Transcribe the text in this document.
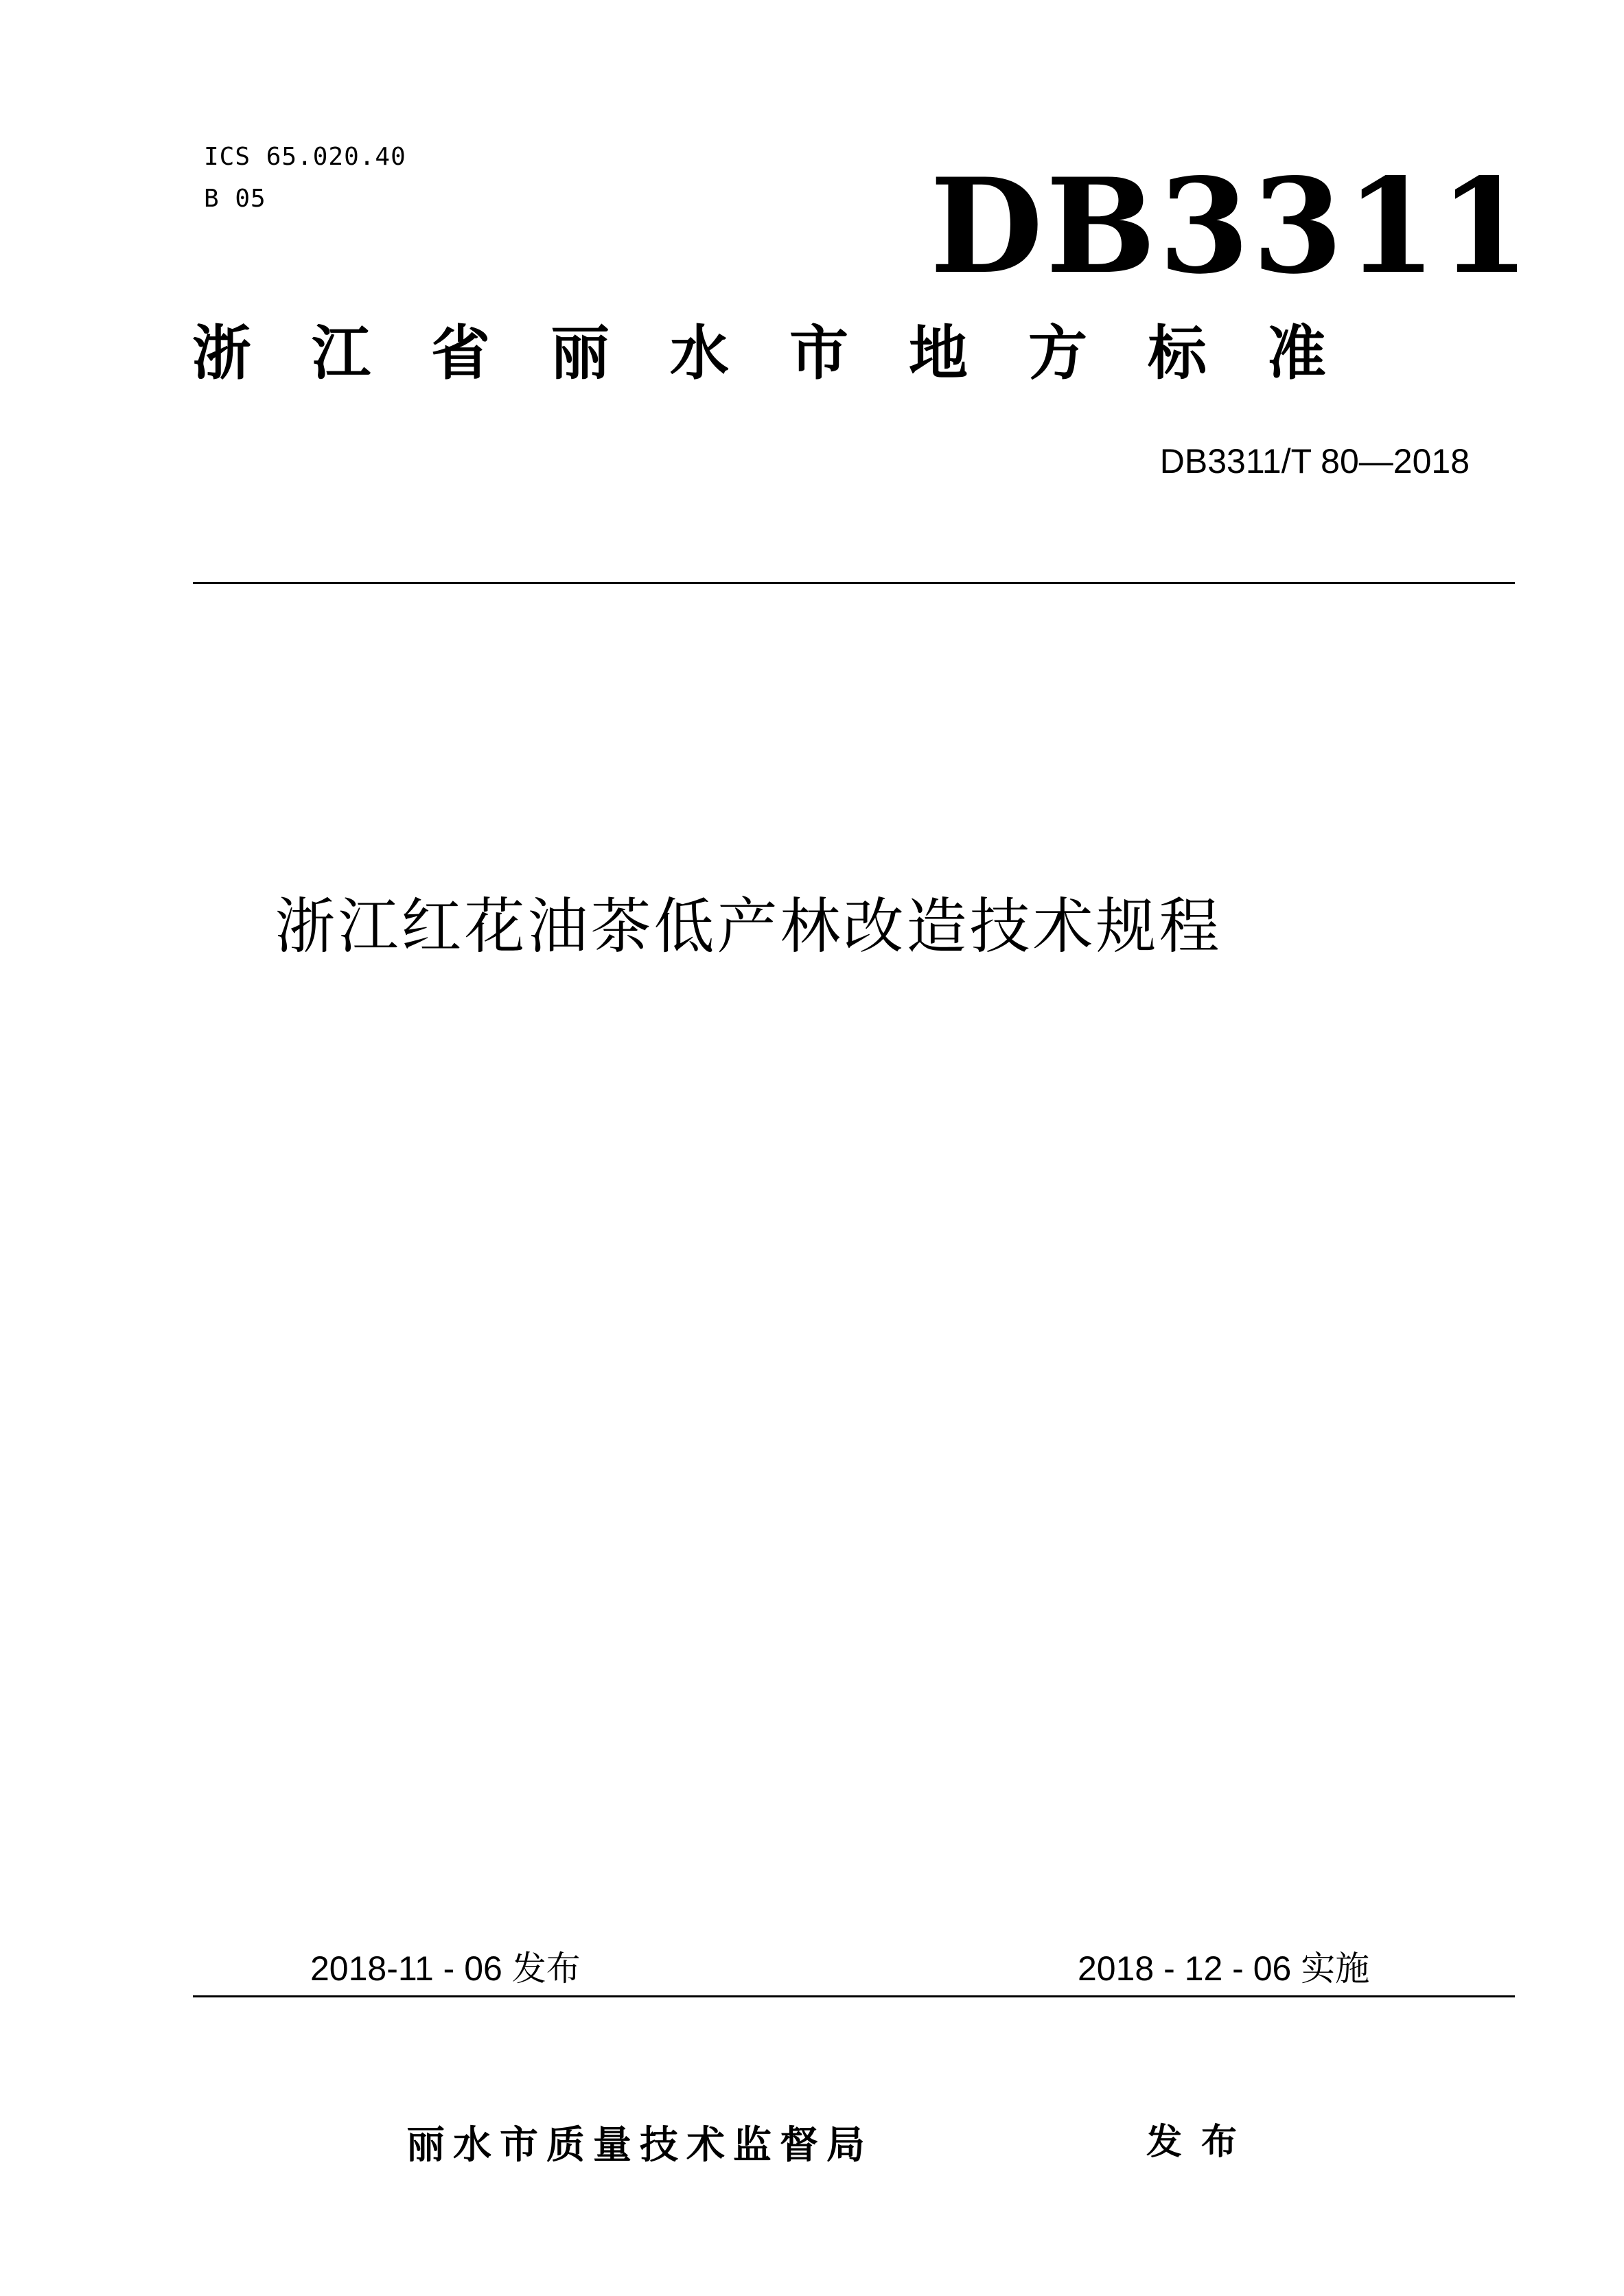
ICS 65.020.40
B 05	DB3311
浙江省丽水市地方标准
DB3311/T 80—2018
浙江红花油茶低产林改造技术规程
2018-11 - 06 发布	2018 - 12 - 06 实施
丽水市质量技术监督局	发布
